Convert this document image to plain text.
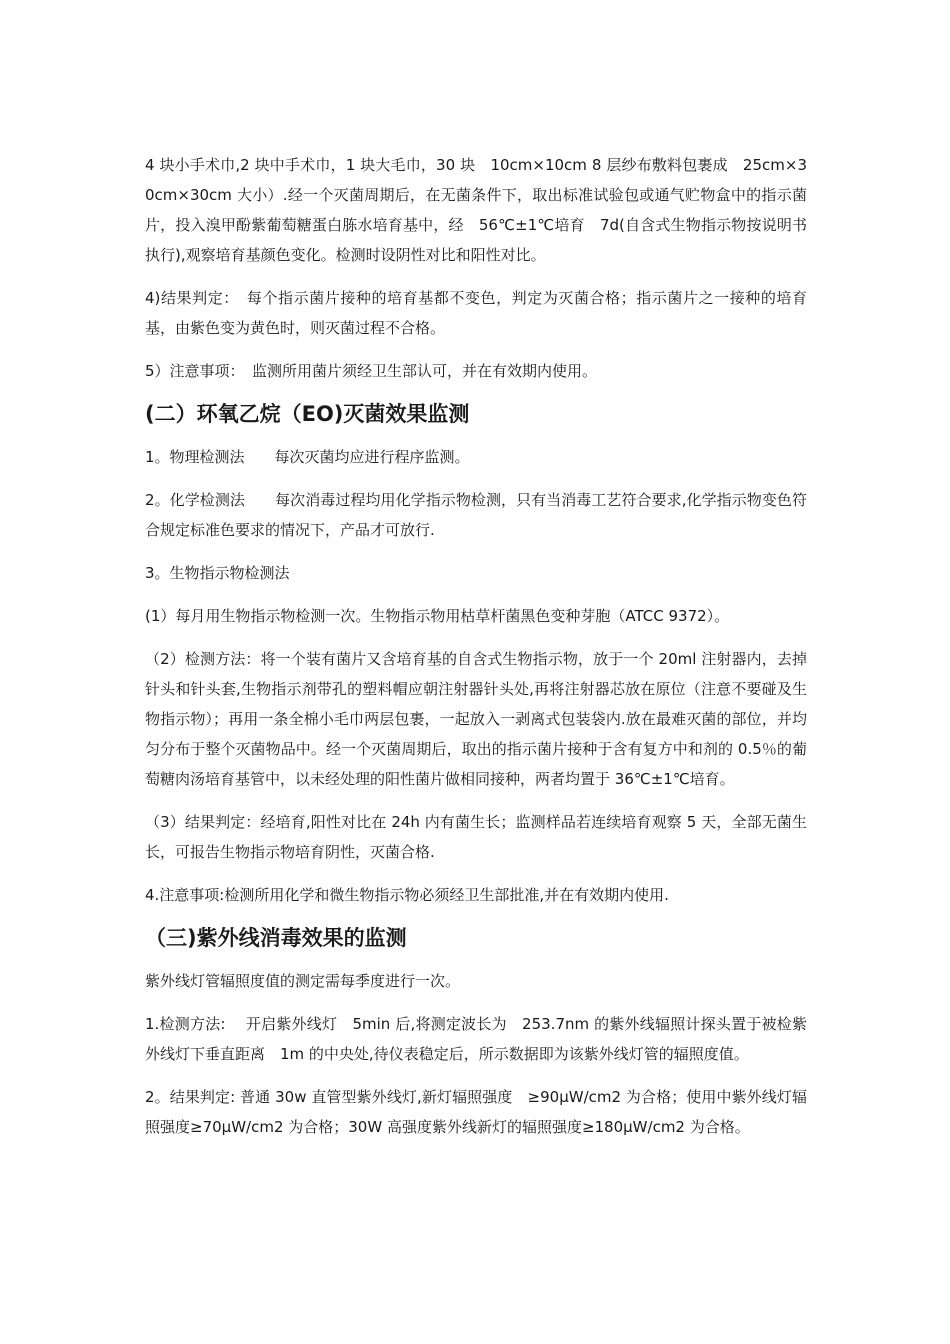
4 块小手术巾,2 块中手术巾，1 块大毛巾，30 块　10cm×10cm 8 层纱布敷料包裹成　25cm×30cm×30cm 大小）.经一个灭菌周期后，在无菌条件下，取出标准试验包或通气贮物盒中的指示菌片，投入溴甲酚紫葡萄糖蛋白胨水培育基中，经　56℃±1℃培育　7d(自含式生物指示物按说明书执行),观察培育基颜色变化。检测时设阴性对比和阳性对比。

4)结果判定：　每个指示菌片接种的培育基都不变色，判定为灭菌合格；指示菌片之一接种的培育基，由紫色变为黄色时，则灭菌过程不合格。

5）注意事项：　监测所用菌片须经卫生部认可，并在有效期内使用。

(二）环氧乙烷（EO)灭菌效果监测

1。物理检测法　　每次灭菌均应进行程序监测。

2。化学检测法　　每次消毒过程均用化学指示物检测，只有当消毒工艺符合要求,化学指示物变色符合规定标准色要求的情况下，产品才可放行.

3。生物指示物检测法

(1）每月用生物指示物检测一次。生物指示物用枯草杆菌黑色变种芽胞（ATCC 9372）。

（2）检测方法：将一个装有菌片又含培育基的自含式生物指示物，放于一个 20ml 注射器内，去掉针头和针头套,生物指示剂带孔的塑料帽应朝注射器针头处,再将注射器芯放在原位（注意不要碰及生物指示物）；再用一条全棉小毛巾两层包裹，一起放入一剥离式包装袋内.放在最难灭菌的部位，并均匀分布于整个灭菌物品中。经一个灭菌周期后，取出的指示菌片接种于含有复方中和剂的 0.5％的葡萄糖肉汤培育基管中，以未经处理的阳性菌片做相同接种，两者均置于 36℃±1℃培育。

（3）结果判定：经培育,阳性对比在 24h 内有菌生长；监测样品若连续培育观察 5 天，全部无菌生长，可报告生物指示物培育阴性，灭菌合格.

4.注意事项:检测所用化学和微生物指示物必须经卫生部批准,并在有效期内使用.

（三)紫外线消毒效果的监测

紫外线灯管辐照度值的测定需每季度进行一次。

1.检测方法:　 开启紫外线灯　5min 后,将测定波长为　253.7nm 的紫外线辐照计探头置于被检紫外线灯下垂直距离　1m 的中央处,待仪表稳定后，所示数据即为该紫外线灯管的辐照度值。

2。结果判定: 普通 30w 直管型紫外线灯,新灯辐照强度　≥90μW/cm2 为合格；使用中紫外线灯辐照强度≥70μW/cm2 为合格；30W 高强度紫外线新灯的辐照强度≥180μW/cm2 为合格。
